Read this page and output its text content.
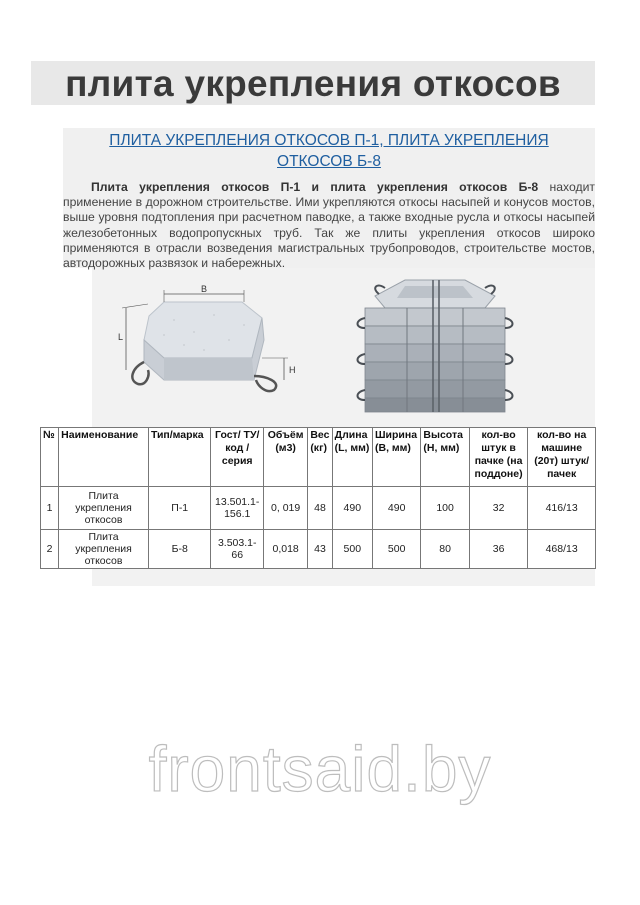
плита укрепления откосов
ПЛИТА УКРЕПЛЕНИЯ ОТКОСОВ П-1, ПЛИТА УКРЕПЛЕНИЯ ОТКОСОВ Б-8
Плита укрепления откосов П-1 и плита укрепления откосов Б-8 находит применение в дорожном строительстве. Ими укрепляются откосы насыпей и конусов мостов, выше уровня подтопления при расчетном паводке, а также входные русла и откосы насыпей железобетонных водопропускных труб. Так же плиты укрепления откосов широко применяются в отрасли возведения магистральных трубопроводов, строительстве мостов, автодорожных развязок и набережных.
B
L
H
№	Наименование	Тип/марка	Гост/ ТУ/ код /серия	Объём (м3)	Вес (кг)	Длина (L, мм)	Ширина (B, мм)	Высота (H, мм)	кол-во штук в пачке (на поддоне)	кол-во на машине (20т) штук/пачек
1	Плита укрепления откосов	П-1	13.501.1-156.1	0, 019	48	490	490	100	32	416/13
2	Плита укрепления откосов	Б-8	3.503.1-66	0,018	43	500	500	80	36	468/13
frontsaid.by
